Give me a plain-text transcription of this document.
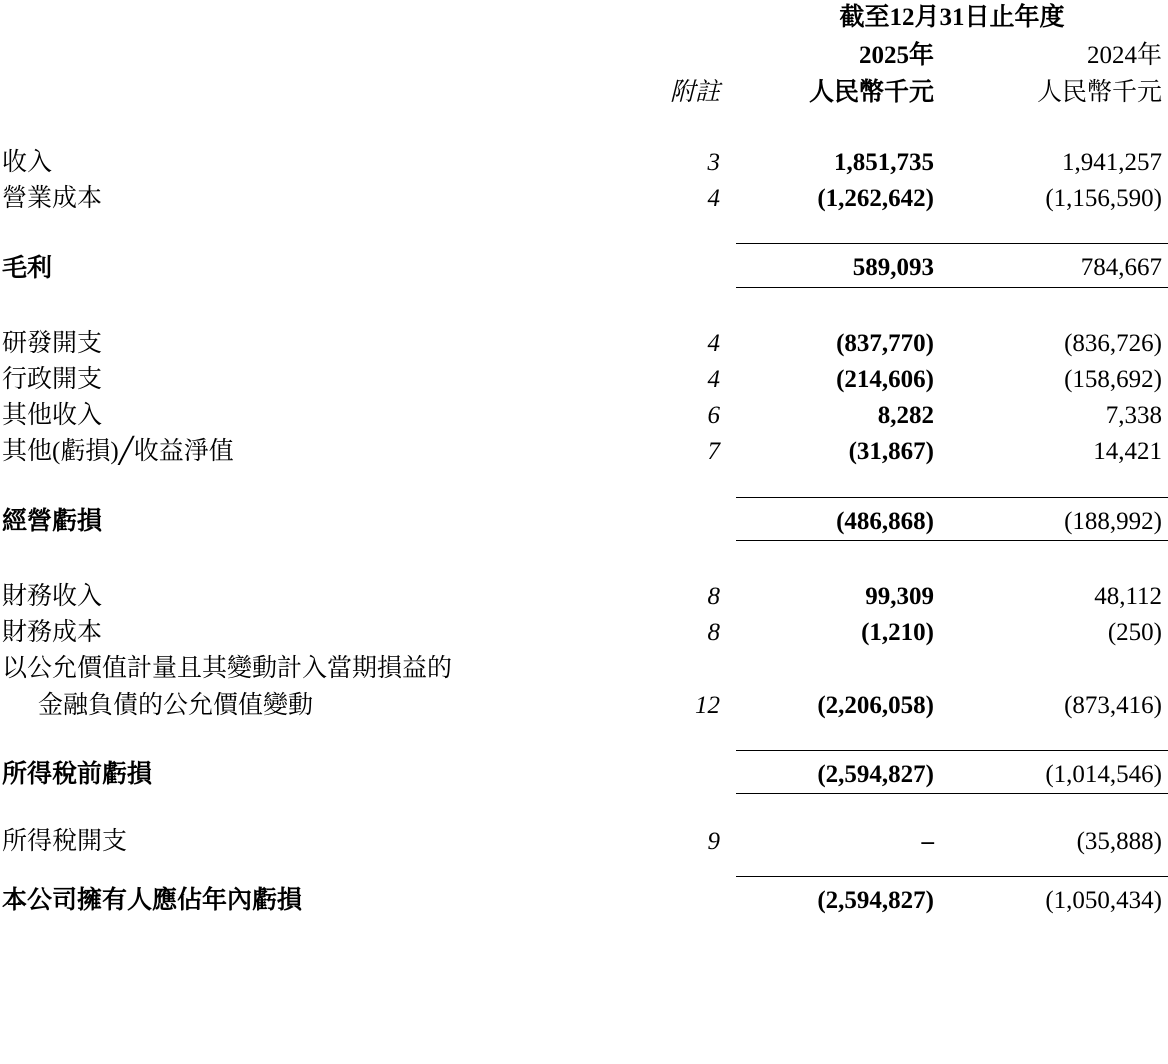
		截至12月31日止年度	
		2025年	2024年
	附註	人民幣千元	人民幣千元

收入	3	1,851,735	1,941,257
營業成本	4	(1,262,642)	(1,156,590)

毛利		589,093	784,667

研發開支	4	(837,770)	(836,726)
行政開支	4	(214,606)	(158,692)
其他收入	6	8,282	7,338
其他(虧損)╱收益淨值	7	(31,867)	14,421

經營虧損		(486,868)	(188,992)

財務收入	8	99,309	48,112
財務成本	8	(1,210)	(250)
以公允價值計量且其變動計入當期損益的			
金融負債的公允價值變動	12	(2,206,058)	(873,416)

所得稅前虧損		(2,594,827)	(1,014,546)

所得稅開支	9	–	(35,888)

本公司擁有人應佔年內虧損		(2,594,827)	(1,050,434)
